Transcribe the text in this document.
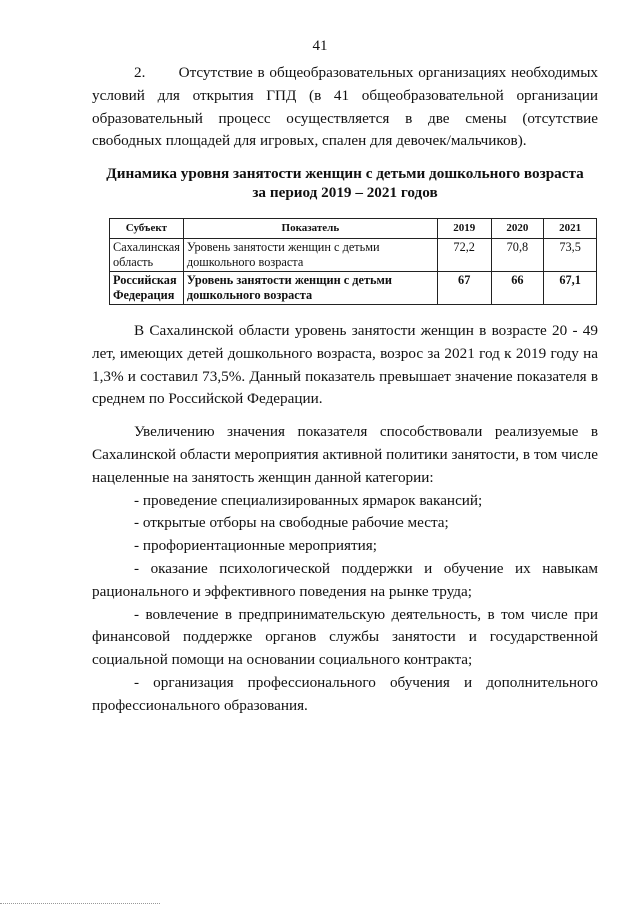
41

2.       Отсутствие в общеобразовательных организациях необходимых условий для открытия ГПД (в 41 общеобразовательной организации образовательный процесс осуществляется в две смены (отсутствие свободных площадей для игровых, спален для девочек/мальчиков).

Динамика уровня занятости женщин с детьми дошкольного возраста
за период 2019 – 2021 годов
Субъект	Показатель	2019	2020	2021
Сахалинская область	Уровень занятости женщин с детьми дошкольного возраста	72,2	70,8	73,5
Российская Федерация	Уровень занятости женщин с детьми дошкольного возраста	67	66	67,1

В Сахалинской области уровень занятости женщин в возрасте 20 - 49 лет, имеющих детей дошкольного возраста, возрос за 2021 год к 2019 году на 1,3% и составил 73,5%. Данный показатель превышает значение показателя в среднем по Российской Федерации.

Увеличению значения показателя способствовали реализуемые в Сахалинской области мероприятия активной политики занятости, в том числе нацеленные на занятость женщин данной категории:

- проведение специализированных ярмарок вакансий;

- открытые отборы на свободные рабочие места;

- профориентационные мероприятия;

- оказание психологической поддержки и обучение их навыкам рационального и эффективного поведения на рынке труда;

- вовлечение в предпринимательскую деятельность, в том числе при финансовой поддержке органов службы занятости и государственной социальной помощи на основании социального контракта;

- организация профессионального обучения и дополнительного профессионального образования.
